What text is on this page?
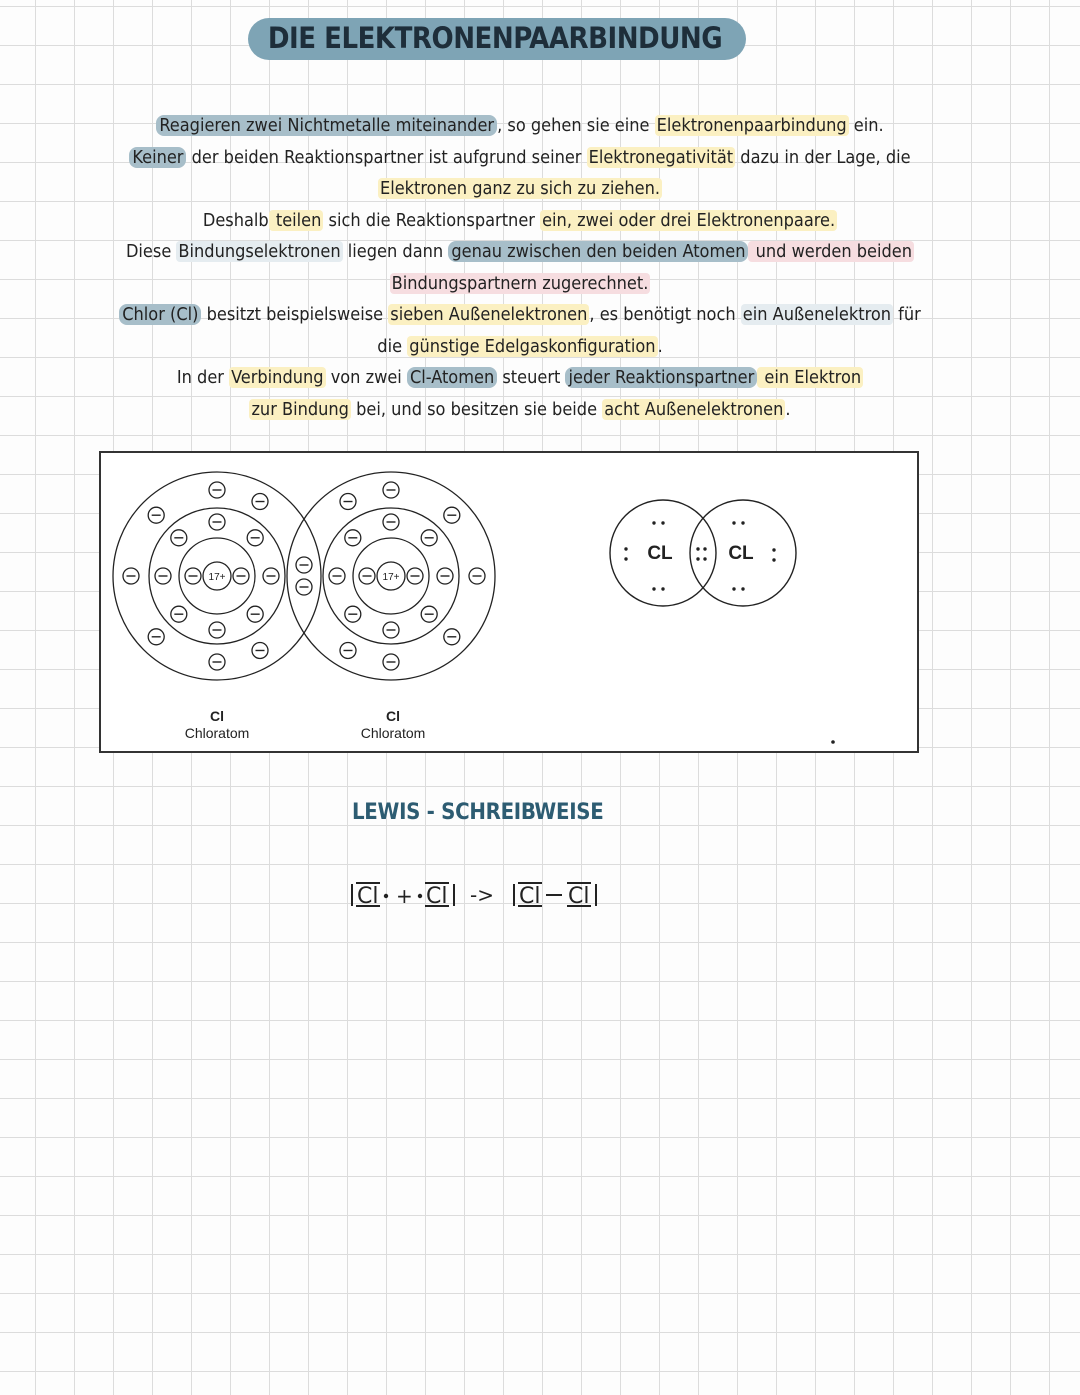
DIE ELEKTRONENPAARBINDUNG

Reagieren zwei Nichtmetalle miteinander , so gehen sie eine Elektronenpaarbindung ein.

Keiner der beiden Reaktionspartner ist aufgrund seiner Elektronegativität dazu in der Lage, die

Elektronen ganz zu sich zu ziehen.

Deshalb teilen sich die Reaktionspartner ein, zwei oder drei Elektronenpaare.

Diese Bindungselektronen liegen dann genau zwischen den beiden Atomen und werden beiden

Bindungspartnern zugerechnet.

Chlor (Cl) besitzt beispielsweise sieben Außenelektronen , es benötigt noch ein Außenelektron für

die günstige Edelgaskonfiguration .

In der Verbindung von zwei Cl-Atomen steuert jeder Reaktionspartner ein Elektron

zur Bindung bei, und so besitzen sie beide acht Außenelektronen .

17+	17+
CL	CL
Cl
Chloratom
Cl
Chloratom
LEWIS - SCHREIBWEISE
Cl + Cl -> Cl Cl
